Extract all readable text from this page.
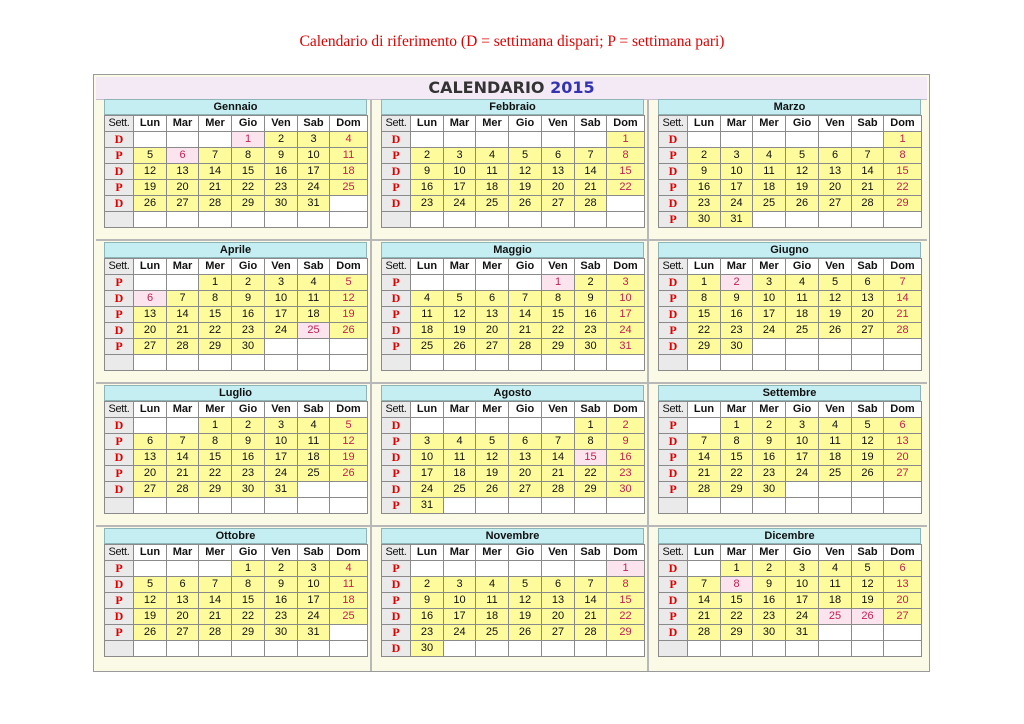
Calendario di riferimento (D = settimana dispari; P = settimana pari)
CALENDARIO 2015
Gennaio
Sett.	Lun	Mar	Mer	Gio	Ven	Sab	Dom
D				1	2	3	4
P	5	6	7	8	9	10	11
D	12	13	14	15	16	17	18
P	19	20	21	22	23	24	25
D	26	27	28	29	30	31	

Febbraio
Sett.	Lun	Mar	Mer	Gio	Ven	Sab	Dom
D							1
P	2	3	4	5	6	7	8
D	9	10	11	12	13	14	15
P	16	17	18	19	20	21	22
D	23	24	25	26	27	28	

Marzo
Sett.	Lun	Mar	Mer	Gio	Ven	Sab	Dom
D							1
P	2	3	4	5	6	7	8
D	9	10	11	12	13	14	15
P	16	17	18	19	20	21	22
D	23	24	25	26	27	28	29
P	30	31					
Aprile
Sett.	Lun	Mar	Mer	Gio	Ven	Sab	Dom
P			1	2	3	4	5
D	6	7	8	9	10	11	12
P	13	14	15	16	17	18	19
D	20	21	22	23	24	25	26
P	27	28	29	30			

Maggio
Sett.	Lun	Mar	Mer	Gio	Ven	Sab	Dom
P					1	2	3
D	4	5	6	7	8	9	10
P	11	12	13	14	15	16	17
D	18	19	20	21	22	23	24
P	25	26	27	28	29	30	31

Giugno
Sett.	Lun	Mar	Mer	Gio	Ven	Sab	Dom
D	1	2	3	4	5	6	7
P	8	9	10	11	12	13	14
D	15	16	17	18	19	20	21
P	22	23	24	25	26	27	28
D	29	30					

Luglio
Sett.	Lun	Mar	Mer	Gio	Ven	Sab	Dom
D			1	2	3	4	5
P	6	7	8	9	10	11	12
D	13	14	15	16	17	18	19
P	20	21	22	23	24	25	26
D	27	28	29	30	31		

Agosto
Sett.	Lun	Mar	Mer	Gio	Ven	Sab	Dom
D						1	2
P	3	4	5	6	7	8	9
D	10	11	12	13	14	15	16
P	17	18	19	20	21	22	23
D	24	25	26	27	28	29	30
P	31						
Settembre
Sett.	Lun	Mar	Mer	Gio	Ven	Sab	Dom
P		1	2	3	4	5	6
D	7	8	9	10	11	12	13
P	14	15	16	17	18	19	20
D	21	22	23	24	25	26	27
P	28	29	30				

Ottobre
Sett.	Lun	Mar	Mer	Gio	Ven	Sab	Dom
P				1	2	3	4
D	5	6	7	8	9	10	11
P	12	13	14	15	16	17	18
D	19	20	21	22	23	24	25
P	26	27	28	29	30	31	

Novembre
Sett.	Lun	Mar	Mer	Gio	Ven	Sab	Dom
P							1
D	2	3	4	5	6	7	8
P	9	10	11	12	13	14	15
D	16	17	18	19	20	21	22
P	23	24	25	26	27	28	29
D	30						
Dicembre
Sett.	Lun	Mar	Mer	Gio	Ven	Sab	Dom
D		1	2	3	4	5	6
P	7	8	9	10	11	12	13
D	14	15	16	17	18	19	20
P	21	22	23	24	25	26	27
D	28	29	30	31			
